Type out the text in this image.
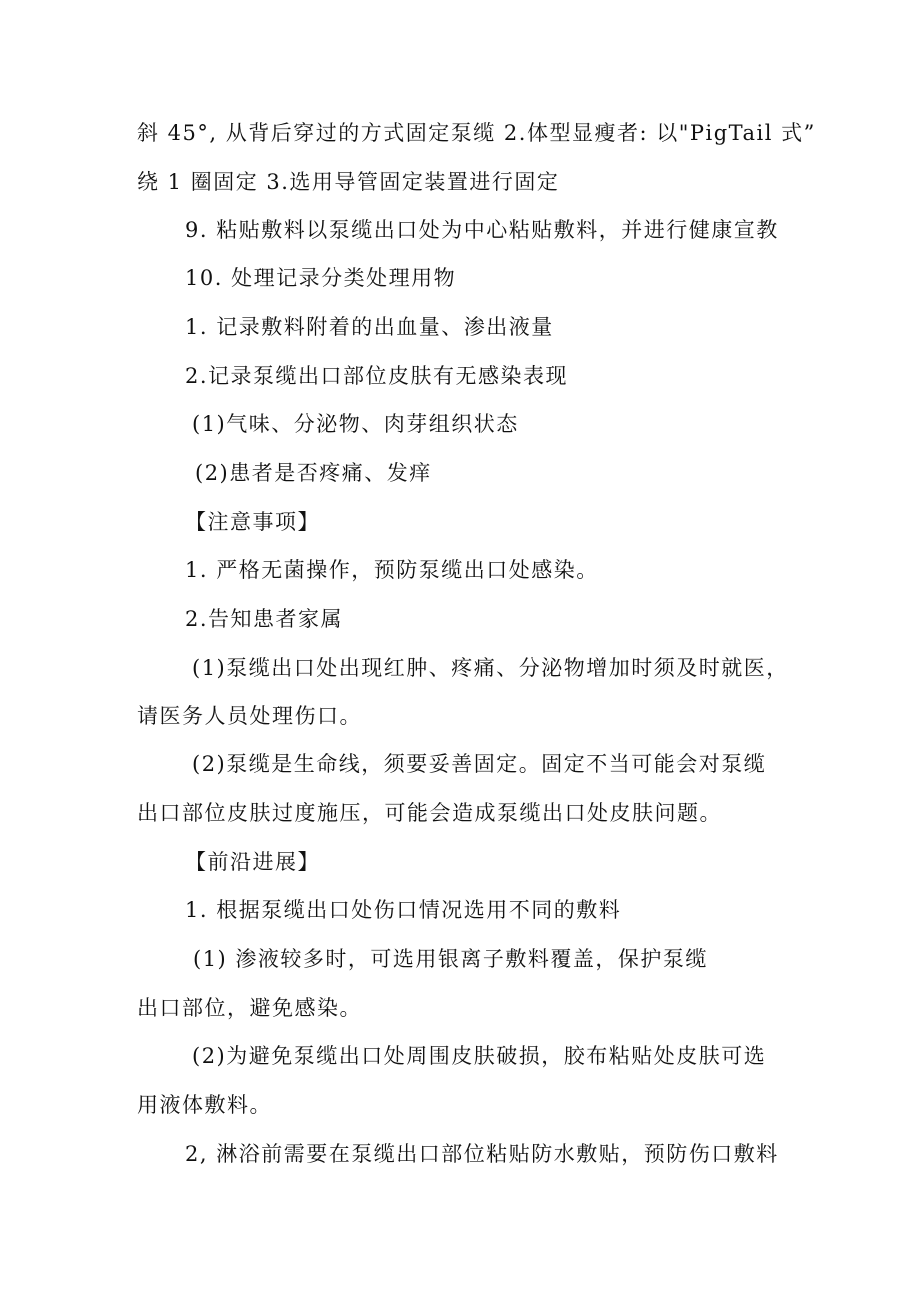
斜 45°, 从背后穿过的方式固定泵缆 2.体型显瘦者: 以"PigTail 式”

绕 1 圈固定 3.选用导管固定装置进行固定

9. 粘贴敷料以泵缆出口处为中心粘贴敷料，并进行健康宣教

10. 处理记录分类处理用物

1. 记录敷料附着的出血量、渗出液量

2.记录泵缆出口部位皮肤有无感染表现

(1)气味、分泌物、肉芽组织状态

(2)患者是否疼痛、发痒

【注意事项】

1. 严格无菌操作，预防泵缆出口处感染。

2.告知患者家属

(1)泵缆出口处出现红肿、疼痛、分泌物增加时须及时就医，

请医务人员处理伤口。

(2)泵缆是生命线，须要妥善固定。固定不当可能会对泵缆

出口部位皮肤过度施压，可能会造成泵缆出口处皮肤问题。

【前沿进展】

1. 根据泵缆出口处伤口情况选用不同的敷料

(1) 渗液较多时，可选用银离子敷料覆盖，保护泵缆

出口部位，避免感染。

(2)为避免泵缆出口处周围皮肤破损，胶布粘贴处皮肤可选

用液体敷料。

2, 淋浴前需要在泵缆出口部位粘贴防水敷贴，预防伤口敷料
